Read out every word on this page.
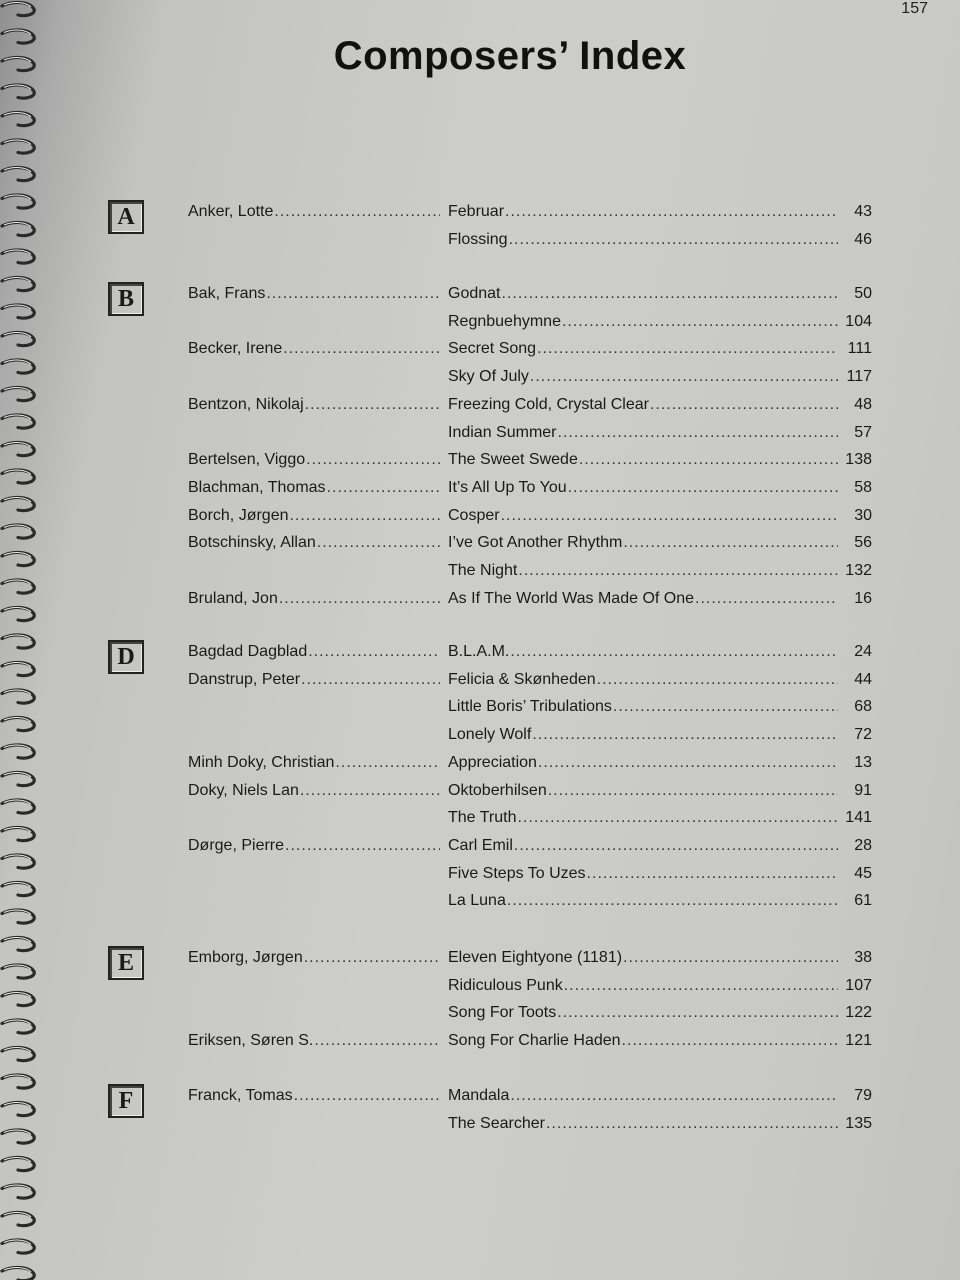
157
Composers’ Index
A	Anker, Lotte .....	Februar .....	43
Flossing .....	46
B	Bak, Frans .....	Godnat .....	50
Regnbuehymne .....	104
Becker, Irene .....	Secret Song .....	111
Sky Of July .....	117
Bentzon, Nikolaj .....	Freezing Cold, Crystal Clear .....	48
Indian Summer .....	57
Bertelsen, Viggo .....	The Sweet Swede .....	138
Blachman, Thomas .....	It’s All Up To You .....	58
Borch, Jørgen .....	Cosper .....	30
Botschinsky, Allan .....	I’ve Got Another Rhythm .....	56
The Night .....	132
Bruland, Jon .....	As If The World Was Made Of One .....	16
D	Bagdad Dagblad .....	B.L.A.M. .....	24
Danstrup, Peter .....	Felicia & Skønheden .....	44
Little Boris’ Tribulations .....	68
Lonely Wolf .....	72
Minh Doky, Christian .....	Appreciation .....	13
Doky, Niels Lan .....	Oktoberhilsen .....	91
The Truth .....	141
Dørge, Pierre .....	Carl Emil .....	28
Five Steps To Uzes .....	45
La Luna .....	61
E	Emborg, Jørgen .....	Eleven Eightyone (1181) .....	38
Ridiculous Punk .....	107
Song For Toots .....	122
Eriksen, Søren S. .....	Song For Charlie Haden .....	121
F	Franck, Tomas .....	Mandala .....	79
The Searcher .....	135
